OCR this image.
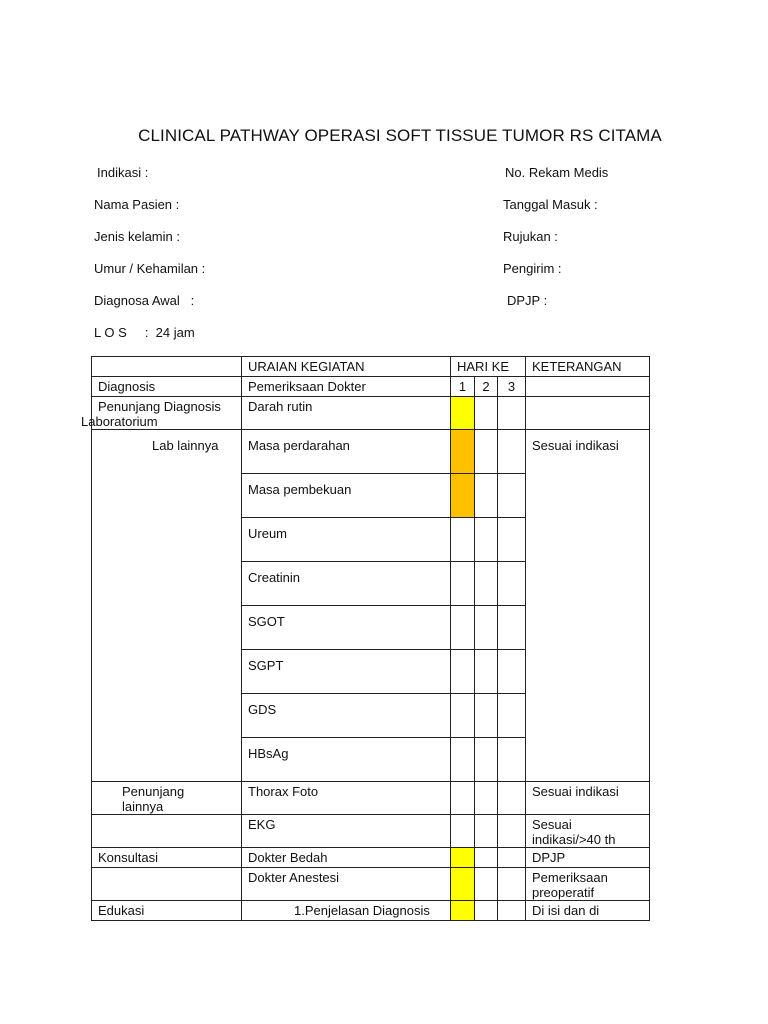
CLINICAL PATHWAY OPERASI SOFT TISSUE TUMOR RS CITAMA
Indikasi :
Nama Pasien :
Jenis kelamin :
Umur / Kehamilan :
Diagnosa Awal   :
L O S     :  24 jam
No. Rekam Medis
Tanggal Masuk :
Rujukan :
Pengirim :
DPJP :
	URAIAN KEGIATAN	HARI KE			KETERANGAN
Diagnosis	Pemeriksaan Dokter	1	2	3	

Penunjang Diagnosis
Laboratorium	Darah rutin				
Lab lainnya	Masa perdarahan				Sesuai indikasi
	Masa pembekuan				
	Ureum				
	Creatinin				
	SGOT				
	SGPT				
	GDS				
	HBsAg				

Penunjang
lainnya	Thorax Foto				Sesuai indikasi
	EKG				Sesuai
indikasi/>40 th

Konsultasi	Dokter Bedah				DPJP
	Dokter Anestesi				Pemeriksaan
preoperatif

Edukasi	1.Penjelasan Diagnosis				Di isi dan di
